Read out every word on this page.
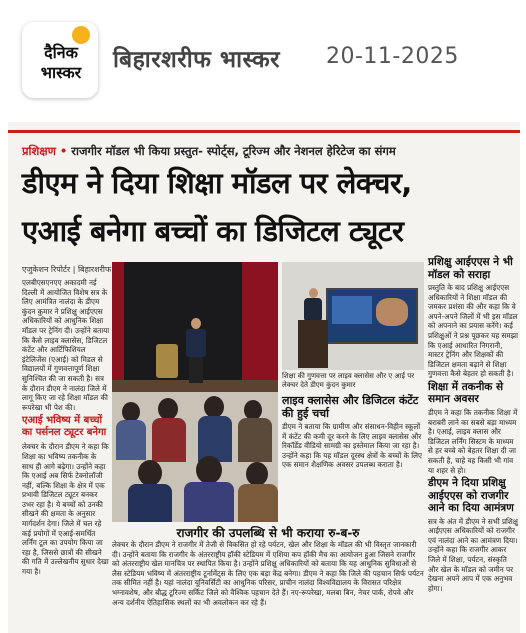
दैनिक
भास्कर	बिहारशरीफ भास्कर 20-11-2025
प्रशिक्षण • राजगीर मॉडल भी किया प्रस्तुत- स्पोर्ट्स, टूरिज्म और नेशनल हेरिटेज का संगम
डीएम ने दिया शिक्षा मॉडल पर लेक्चर,
एआई बनेगा बच्चों का डिजिटल ट्यूटर
एजुकेशन रिपोर्टर | बिहारशरीफ

एलबीएसएनएए अकादमी नई दिल्ली में आयोजित विशेष सत्र के लिए आमंत्रित नालंदा के डीएम कुंदन कुमार ने प्रशिक्षु आईएएस अधिकारियों को आधुनिक शिक्षा मॉडल पर ट्रेनिंग दी। उन्होंने बताया कि कैसे लाइव क्लासेस, डिजिटल कंटेंट और आर्टिफिशियल इंटेलिजेंस (एआई) को मिडल से विद्यालयों में गुणवत्तापूर्ण शिक्षा सुनिश्चित की जा सकती है। सत्र के दौरान डीएम ने नालंदा जिले में लागू किए जा रहे शिक्षा मॉडल की रूपरेखा भी पेश की।

एआई भविष्य में बच्चों का पर्सनल ट्यूटर बनेगा

लेक्चर के दौरान डीएम ने कहा कि शिक्षा का भविष्य तकनीक के साथ ही आगे बढ़ेगा। उन्होंने कहा कि एआई अब सिर्फ टेक्नोलॉजी नहीं, बल्कि शिक्षा के क्षेत्र में एक प्रभावी डिजिटल ट्यूटर बनकर उभर रहा है। ये बच्चों को उनकी सीखने की क्षमता के अनुसार मार्गदर्शन देगा। जिले में चल रहे कई प्रयोगों में एआई-समर्थित लर्निंग टूल का उपयोग किया जा रहा है, जिससे छात्रों की सीखने की गति में उल्लेखनीय सुधार देखा गया है।

शिक्षा की गुणवत्ता पर लाइव क्लासेस और ए आई पर लेक्चर देते डीएम कुंदन कुमार
लाइव क्लासेस और डिजिटल कंटेंट की हुई चर्चा
डीएम ने बताया कि ग्रामीण और संसाधन-विहीन स्कूलों में कंटेंट की कमी दूर करने के लिए लाइव क्लासेस और रिकॉर्डेड वीडियो सामग्री का इस्तेमाल किया जा रहा है। उन्होंने कहा कि यह मॉडल दूरस्थ क्षेत्रों के बच्चों के लिए एक समान शैक्षणिक अवसर उपलब्ध कराता है।
प्रशिक्षु आईएएस ने भी मॉडल को सराहा

प्रस्तुति के बाद प्रशिक्षु आईएएस अधिकारियों ने शिक्षा मॉडल की जमकर प्रशंसा की और कहा कि वे अपने-अपने जिलों में भी इस मॉडल को अपनाने का प्रयास करेंगे। कई प्रशिक्षुओं ने प्रश्न पूछकर यह समझा कि एआई आधारित निगरानी, मास्टर ट्रेनिंग और शिक्षकों की डिजिटल क्षमता बढ़ाने से शिक्षा गुणवत्ता कैसे बेहतर हो सकती है।

शिक्षा में तकनीक से समान अवसर

डीएम ने कहा कि तकनीक शिक्षा में बराबरी लाने का सबसे बड़ा माध्यम है। एआई, लाइव क्लास और डिजिटल लर्निंग सिस्टम के माध्यम से हर बच्चे को बेहतर शिक्षा दी जा सकती है, चाहे वह किसी भी गांव या शहर से हो।

डीएम ने दिया प्रशिक्षु आईएएस को राजगीर आने का दिया आमंत्रण

सत्र के अंत में डीएम ने सभी प्रशिक्षु आईएएस अधिकारियों को राजगीर एवं नालंदा आने का आमंत्रण दिया। उन्होंने कहा कि राजगीर आकर जिले में शिक्षा, पर्यटन, संस्कृति और खेल के मॉडल को जमीन पर देखना अपने आप में एक अनुभव होगा।

राजगीर की उपलब्धि से भी कराया रु-ब-रु
लेक्चर के दौरान डीएम ने राजगीर में तेजी से विकसित हो रहे पर्यटन, खेल और शिक्षा के मॉडल की भी विस्तृत जानकारी दी। उन्होंने बताया कि राजगीर के अंतरराष्ट्रीय हॉकी स्टेडियम में एशिया कप हॉकी मैच का आयोजन हुआ जिसने राजगीर को अंतरराष्ट्रीय खेल मानचित्र पर स्थापित किया है। उन्होंने प्रशिक्षु अधिकारियों को बताया कि यह आधुनिक सुविधाओं से लैस स्टेडियम भविष्य में अंतरराष्ट्रीय टूर्नामेंट्स के लिए एक बड़ा केंद्र बनेगा। डीएम ने कहा कि जिले की पहचान सिर्फ पर्यटन तक सीमित नहीं है। यहां नालंदा यूनिवर्सिटी का आधुनिक परिसर, प्राचीन नालंदा विश्वविद्यालय के विरासत परिक्षेत्र भग्नावशेष, और बौद्ध टूरिज्म सर्किट जिले को वैश्विक पहचान देते हैं। नए-रूपरेखा, मलबा बिन, नेचर पार्क, रोपवे और अन्य दर्शनीय ऐतिहासिक स्थलों का भी अवलोकन कर रहे हैं।
